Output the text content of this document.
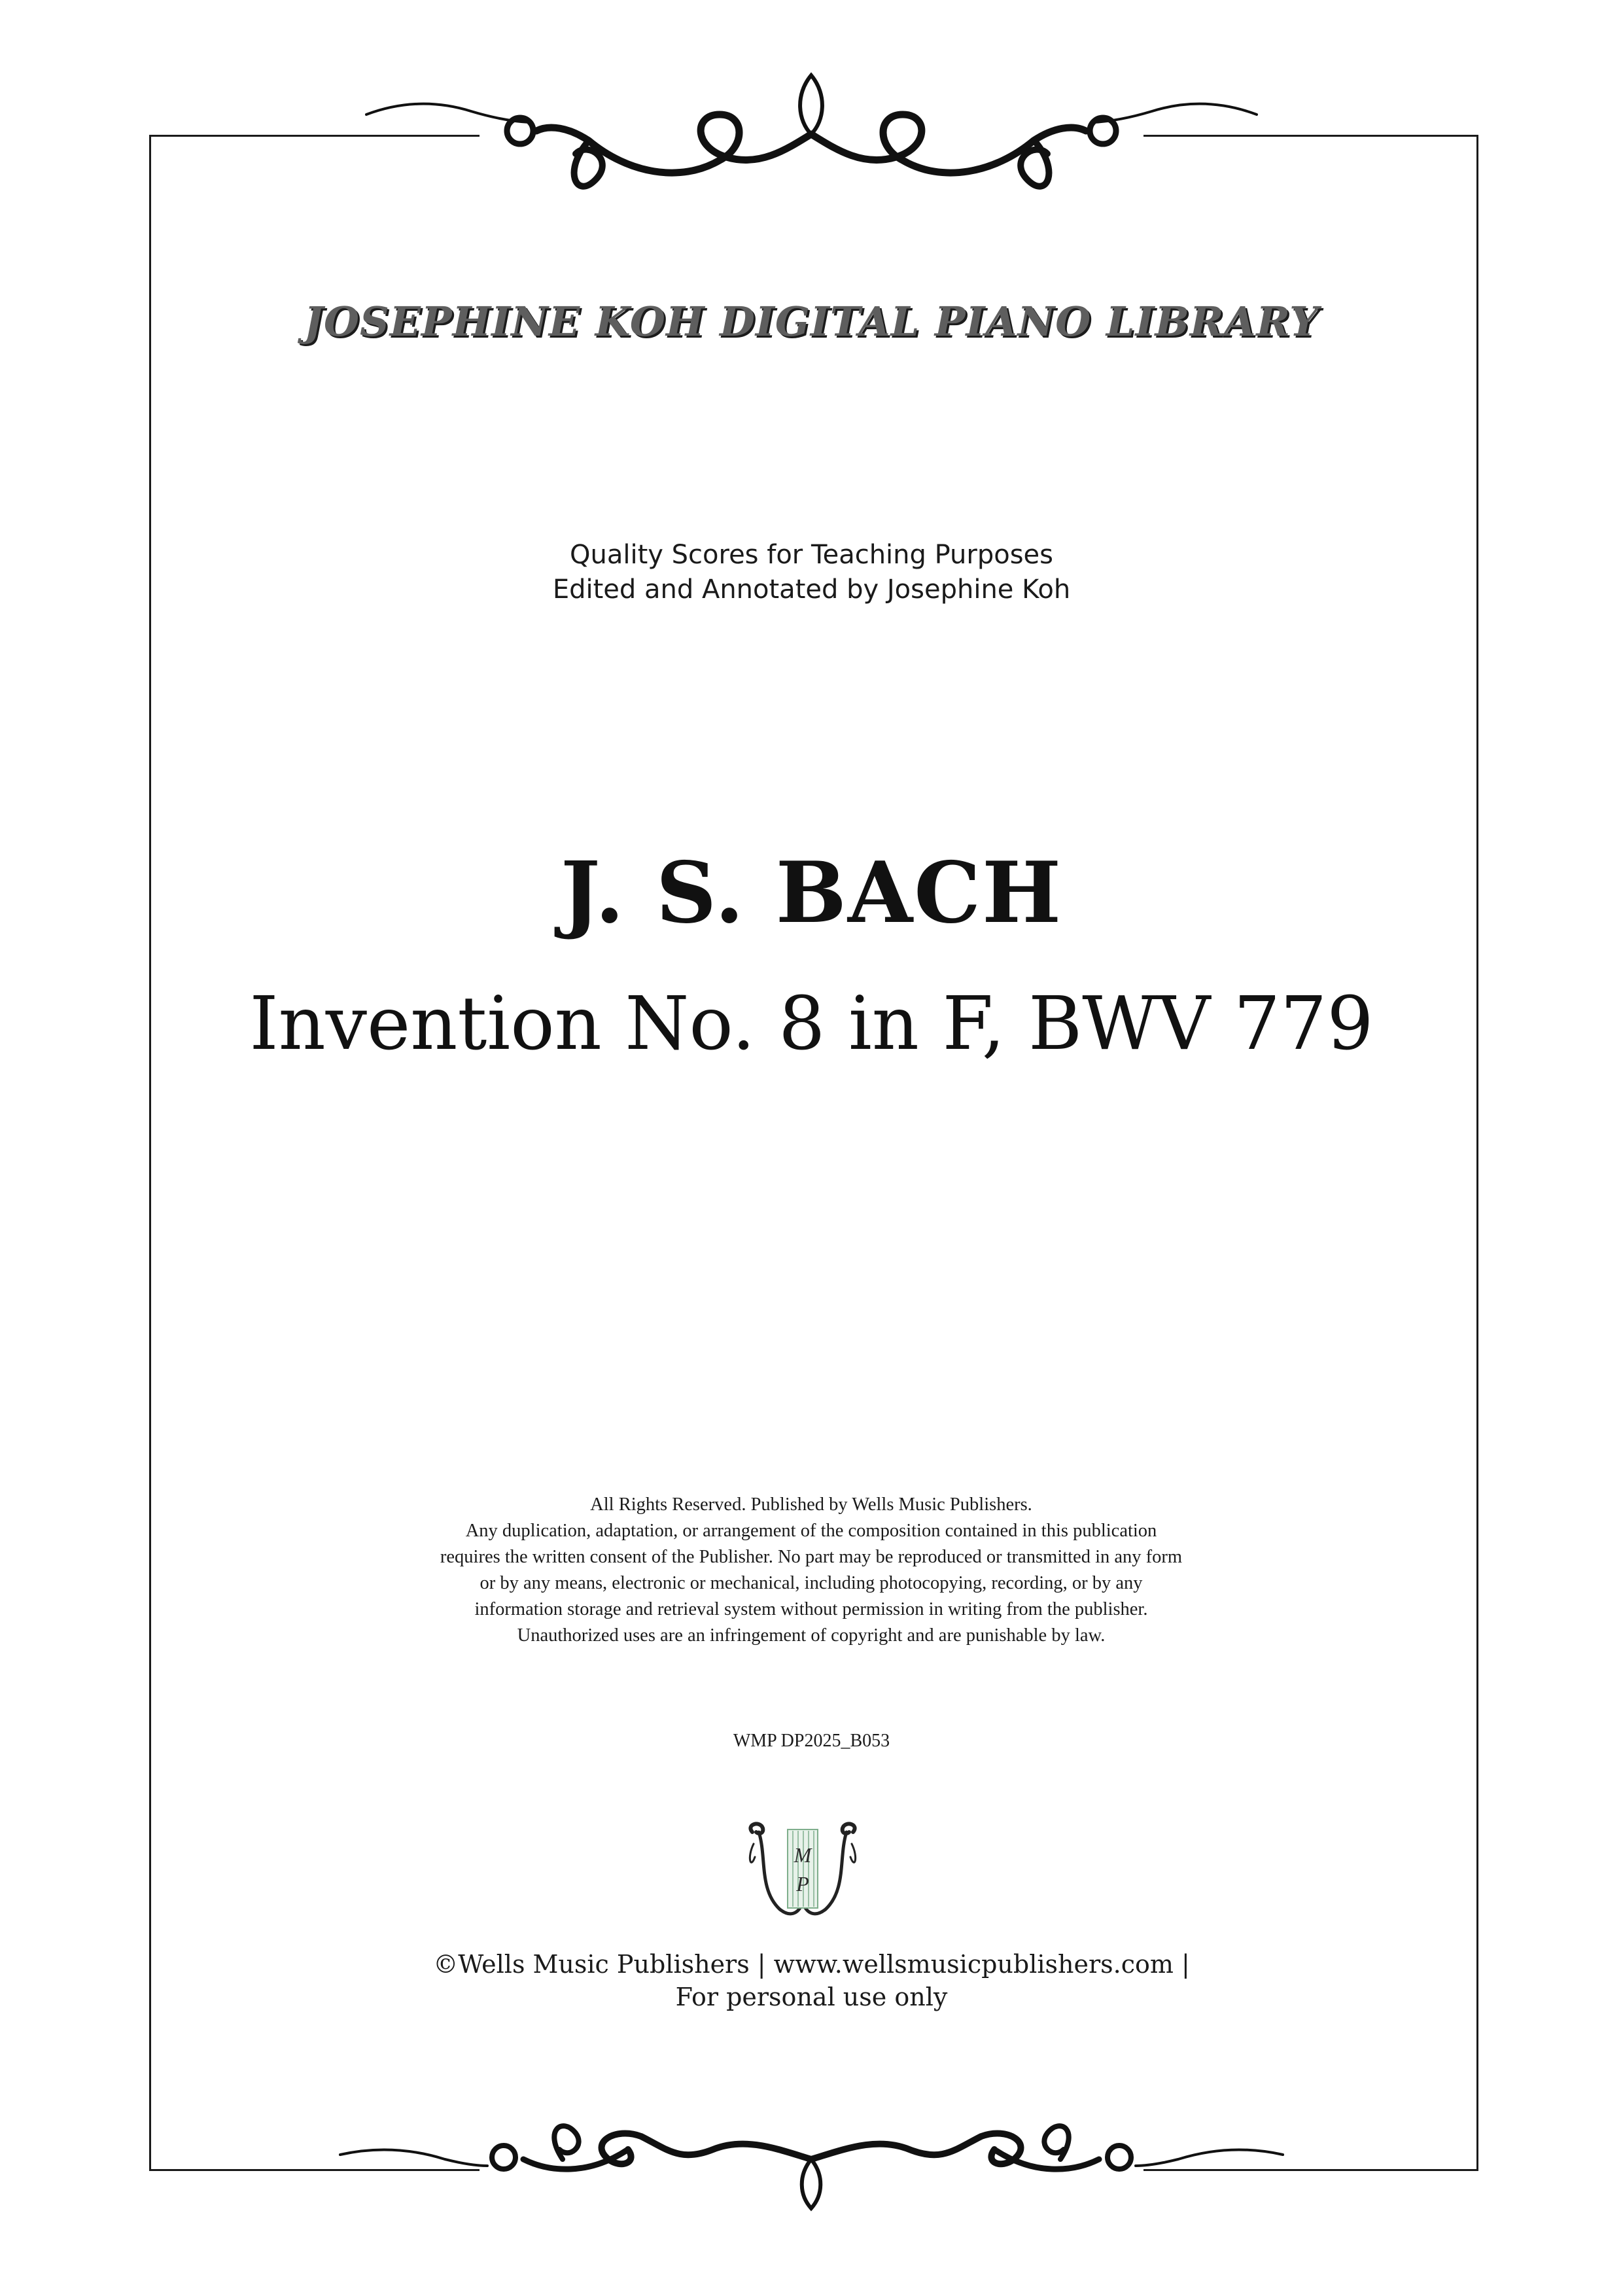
JOSEPHINE KOH DIGITAL PIANO LIBRARY
Quality Scores for Teaching Purposes
Edited and Annotated by Josephine Koh
J. S. BACH
Invention No. 8 in F, BWV 779
All Rights Reserved. Published by Wells Music Publishers.
Any duplication, adaptation, or arrangement of the composition contained in this publication
requires the written consent of the Publisher. No part may be reproduced or transmitted in any form
or by any means, electronic or mechanical, including photocopying, recording, or by any
information storage and retrieval system without permission in writing from the publisher.
Unauthorized uses are an infringement of copyright and are punishable by law.
WMP DP2025_B053
M
P
©Wells Music Publishers | www.wellsmusicpublishers.com |
For personal use only
